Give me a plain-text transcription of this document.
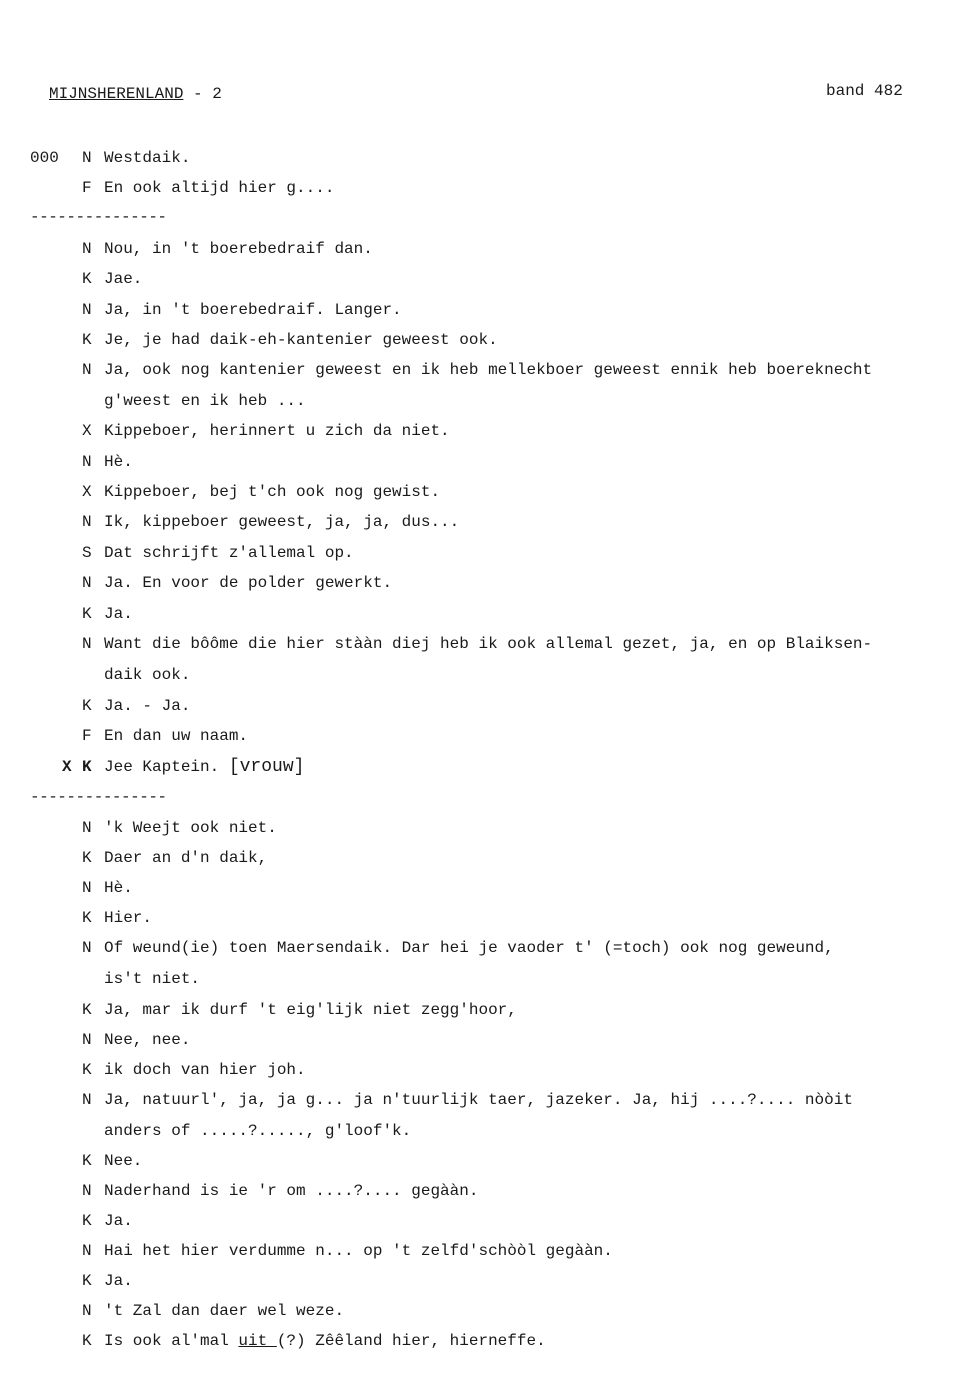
MIJNSHERENLAND - 2	band 482
000 N Westdaik.
F En ook altijd hier g....
---------------
N Nou, in 't boerebedraif dan.
K Jae.
N Ja, in 't boerebedraif. Langer.
K Je, je had daik-eh-kantenier geweest ook.
N Ja, ook nog kantenier geweest en ik heb mellekboer geweest ennik heb boereknecht
g'weest en ik heb ...
X Kippeboer, herinnert u zich da niet.
N Hè.
X Kippeboer, bej t'ch ook nog gewist.
N Ik, kippeboer geweest, ja, ja, dus...
S Dat schrijft z'allemal op.
N Ja. En voor de polder gewerkt.
K Ja.
N Want die bôôme die hier stààn diej heb ik ook allemal gezet, ja, en op Blaiksen-
daik ook.
K Ja. - Ja.
F En dan uw naam.
X K Jee Kaptein. [vrouw]
---------------
N 'k Weejt ook niet.
K Daer an d'n daik,
N Hè.
K Hier.
N Of weund(ie) toen Maersendaik. Dar hei je vaoder t' (=toch) ook nog geweund,
is't niet.
K Ja, mar ik durf 't eig'lijk niet zegg'hoor,
N Nee, nee.
K ik doch van hier joh.
N Ja, natuurl', ja, ja g... ja n'tuurlijk taer, jazeker. Ja, hij ....?.... nòòit
anders of .....?....., g'loof'k.
K Nee.
N Naderhand is ie 'r om ....?.... gegààn.
K Ja.
N Hai het hier verdumme n... op 't zelfd'schòòl gegààn.
K Ja.
N 't Zal dan daer wel weze.
K Is ook al'mal uit (?) Zêêland hier, hierneffe.
